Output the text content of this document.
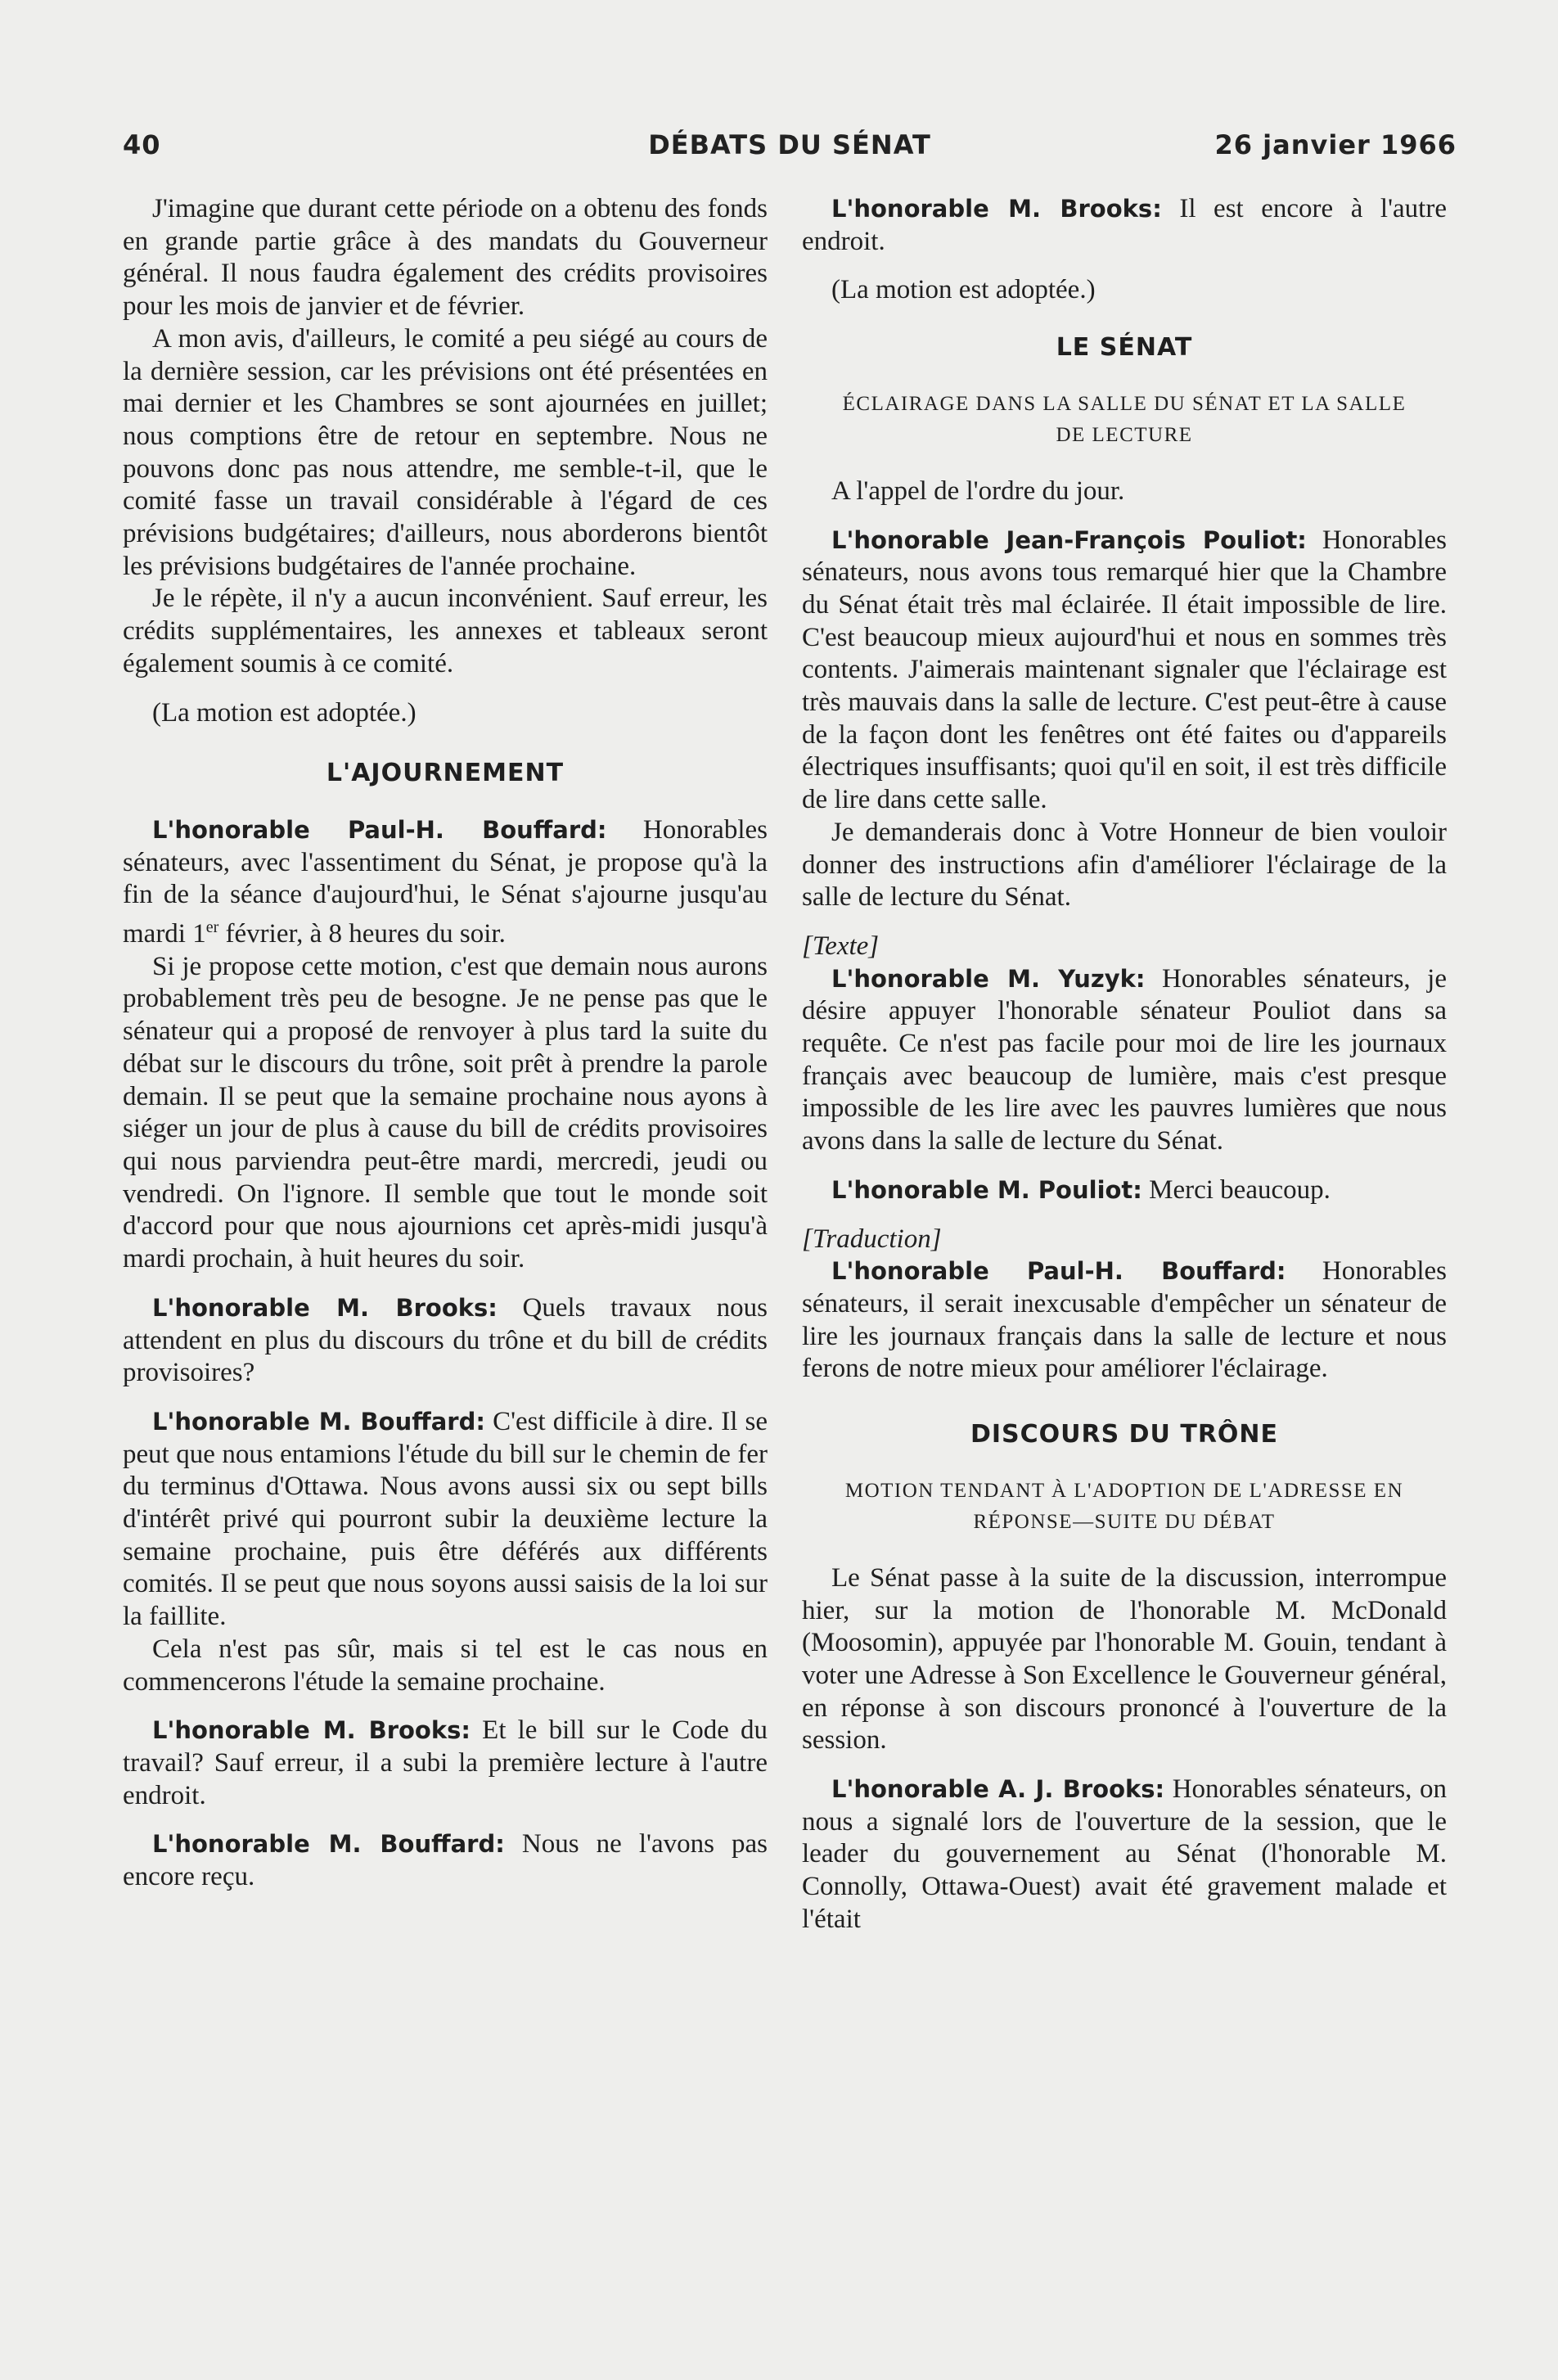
40	DÉBATS DU SÉNAT	26 janvier 1966

J'imagine que durant cette période on a obtenu des fonds en grande partie grâce à des mandats du Gouverneur général. Il nous faudra également des crédits provisoires pour les mois de janvier et de février.

A mon avis, d'ailleurs, le comité a peu siégé au cours de la dernière session, car les prévisions ont été présentées en mai dernier et les Chambres se sont ajournées en juillet; nous comptions être de retour en septembre. Nous ne pouvons donc pas nous attendre, me semble-t-il, que le comité fasse un travail considérable à l'égard de ces prévisions budgétaires; d'ailleurs, nous aborderons bientôt les prévisions budgétaires de l'année prochaine.

Je le répète, il n'y a aucun inconvénient. Sauf erreur, les crédits supplémentaires, les annexes et tableaux seront également soumis à ce comité.

(La motion est adoptée.)

L'AJOURNEMENT

L'honorable Paul-H. Bouffard: Honorables sénateurs, avec l'assentiment du Sénat, je propose qu'à la fin de la séance d'aujourd'hui, le Sénat s'ajourne jusqu'au mardi 1er février, à 8 heures du soir.

Si je propose cette motion, c'est que demain nous aurons probablement très peu de besogne. Je ne pense pas que le sénateur qui a proposé de renvoyer à plus tard la suite du débat sur le discours du trône, soit prêt à prendre la parole demain. Il se peut que la semaine prochaine nous ayons à siéger un jour de plus à cause du bill de crédits provisoires qui nous parviendra peut-être mardi, mercredi, jeudi ou vendredi. On l'ignore. Il semble que tout le monde soit d'accord pour que nous ajournions cet après-midi jusqu'à mardi prochain, à huit heures du soir.

L'honorable M. Brooks: Quels travaux nous attendent en plus du discours du trône et du bill de crédits provisoires?

L'honorable M. Bouffard: C'est difficile à dire. Il se peut que nous entamions l'étude du bill sur le chemin de fer du terminus d'Ottawa. Nous avons aussi six ou sept bills d'intérêt privé qui pourront subir la deuxième lecture la semaine prochaine, puis être déférés aux différents comités. Il se peut que nous soyons aussi saisis de la loi sur la faillite.

Cela n'est pas sûr, mais si tel est le cas nous en commencerons l'étude la semaine prochaine.

L'honorable M. Brooks: Et le bill sur le Code du travail? Sauf erreur, il a subi la première lecture à l'autre endroit.

L'honorable M. Bouffard: Nous ne l'avons pas encore reçu.

L'honorable M. Brooks: Il est encore à l'autre endroit.

(La motion est adoptée.)

LE SÉNAT
ÉCLAIRAGE DANS LA SALLE DU SÉNAT ET LA SALLE DE LECTURE

A l'appel de l'ordre du jour.

L'honorable Jean-François Pouliot: Honorables sénateurs, nous avons tous remarqué hier que la Chambre du Sénat était très mal éclairée. Il était impossible de lire. C'est beaucoup mieux aujourd'hui et nous en sommes très contents. J'aimerais maintenant signaler que l'éclairage est très mauvais dans la salle de lecture. C'est peut-être à cause de la façon dont les fenêtres ont été faites ou d'appareils électriques insuffisants; quoi qu'il en soit, il est très difficile de lire dans cette salle.

Je demanderais donc à Votre Honneur de bien vouloir donner des instructions afin d'améliorer l'éclairage de la salle de lecture du Sénat.

[Texte]

L'honorable M. Yuzyk: Honorables sénateurs, je désire appuyer l'honorable sénateur Pouliot dans sa requête. Ce n'est pas facile pour moi de lire les journaux français avec beaucoup de lumière, mais c'est presque impossible de les lire avec les pauvres lumières que nous avons dans la salle de lecture du Sénat.

L'honorable M. Pouliot: Merci beaucoup.

[Traduction]

L'honorable Paul-H. Bouffard: Honorables sénateurs, il serait inexcusable d'empêcher un sénateur de lire les journaux français dans la salle de lecture et nous ferons de notre mieux pour améliorer l'éclairage.

DISCOURS DU TRÔNE
MOTION TENDANT À L'ADOPTION DE L'ADRESSE EN RÉPONSE—SUITE DU DÉBAT

Le Sénat passe à la suite de la discussion, interrompue hier, sur la motion de l'honorable M. McDonald (Moosomin), appuyée par l'honorable M. Gouin, tendant à voter une Adresse à Son Excellence le Gouverneur général, en réponse à son discours prononcé à l'ouverture de la session.

L'honorable A. J. Brooks: Honorables sénateurs, on nous a signalé lors de l'ouverture de la session, que le leader du gouvernement au Sénat (l'honorable M. Connolly, Ottawa-Ouest) avait été gravement malade et l'était
